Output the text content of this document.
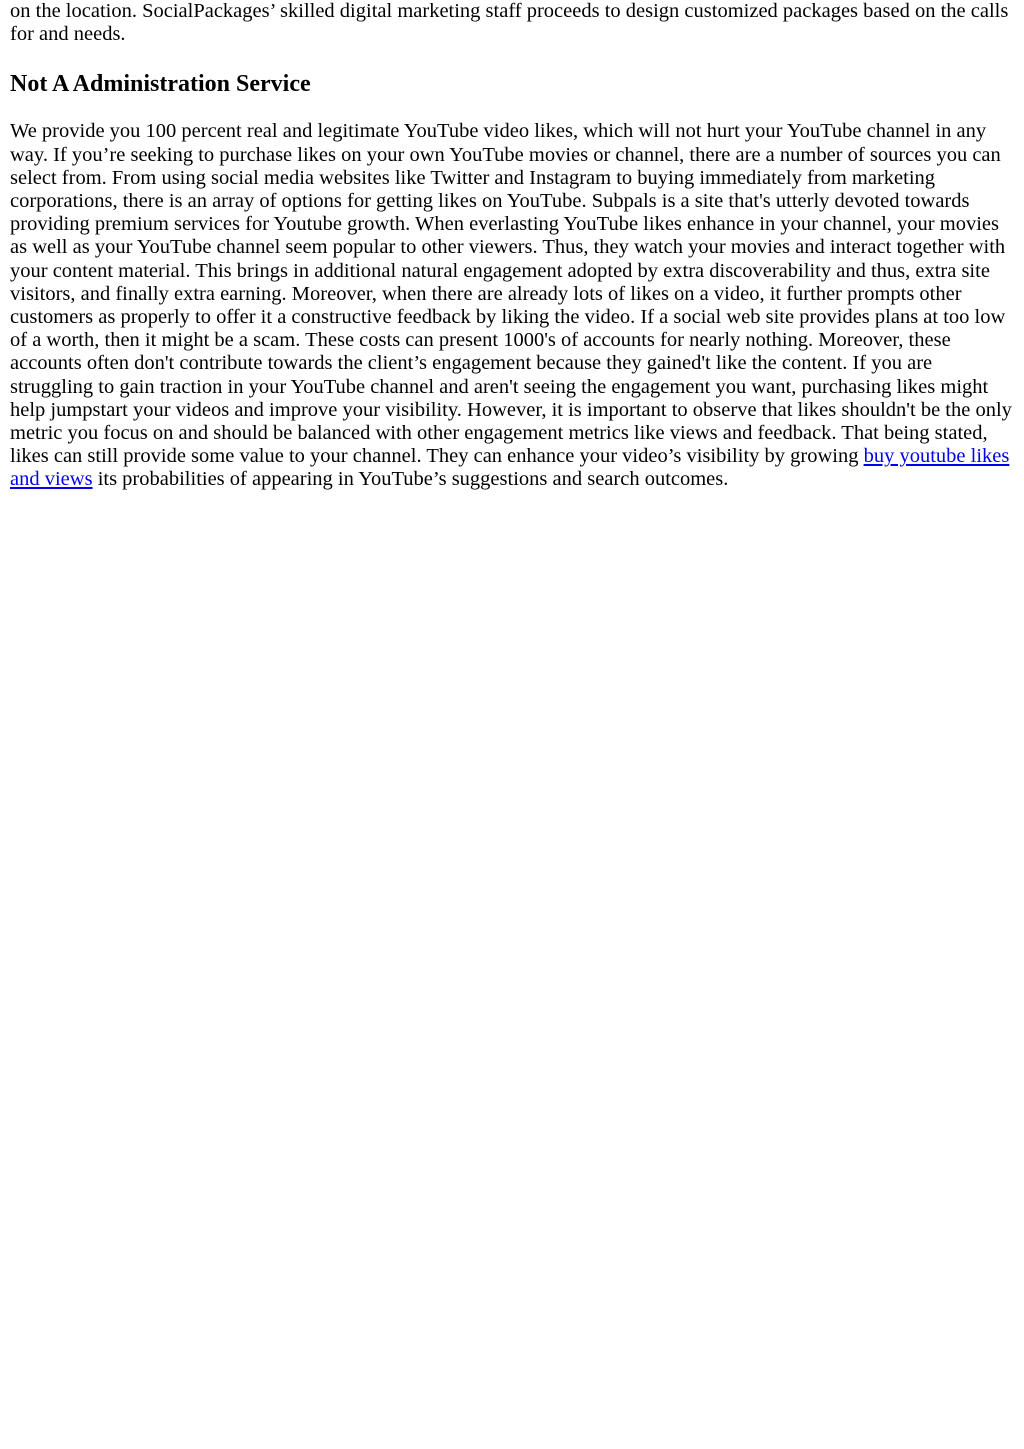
on the location. SocialPackages’ skilled digital marketing staff proceeds to design customized packages based on the calls for and needs.

Not A Administration Service

We provide you 100 percent real and legitimate YouTube video likes, which will not hurt your YouTube channel in any way. If you’re seeking to purchase likes on your own YouTube movies or channel, there are a number of sources you can select from. From using social media websites like Twitter and Instagram to buying immediately from marketing corporations, there is an array of options for getting likes on YouTube. Subpals is a site that's utterly devoted towards providing premium services for Youtube growth. When everlasting YouTube likes enhance in your channel, your movies as well as your YouTube channel seem popular to other viewers. Thus, they watch your movies and interact together with your content material. This brings in additional natural engagement adopted by extra discoverability and thus, extra site visitors, and finally extra earning. Moreover, when there are already lots of likes on a video, it further prompts other customers as properly to offer it a constructive feedback by liking the video. If a social web site provides plans at too low of a worth, then it might be a scam. These costs can present 1000's of accounts for nearly nothing. Moreover, these accounts often don't contribute towards the client’s engagement because they gained't like the content. If you are struggling to gain traction in your YouTube channel and aren't seeing the engagement you want, purchasing likes might help jumpstart your videos and improve your visibility. However, it is important to observe that likes shouldn't be the only metric you focus on and should be balanced with other engagement metrics like views and feedback. That being stated, likes can still provide some value to your channel. They can enhance your video’s visibility by growing buy youtube likes and views its probabilities of appearing in YouTube’s suggestions and search outcomes.
